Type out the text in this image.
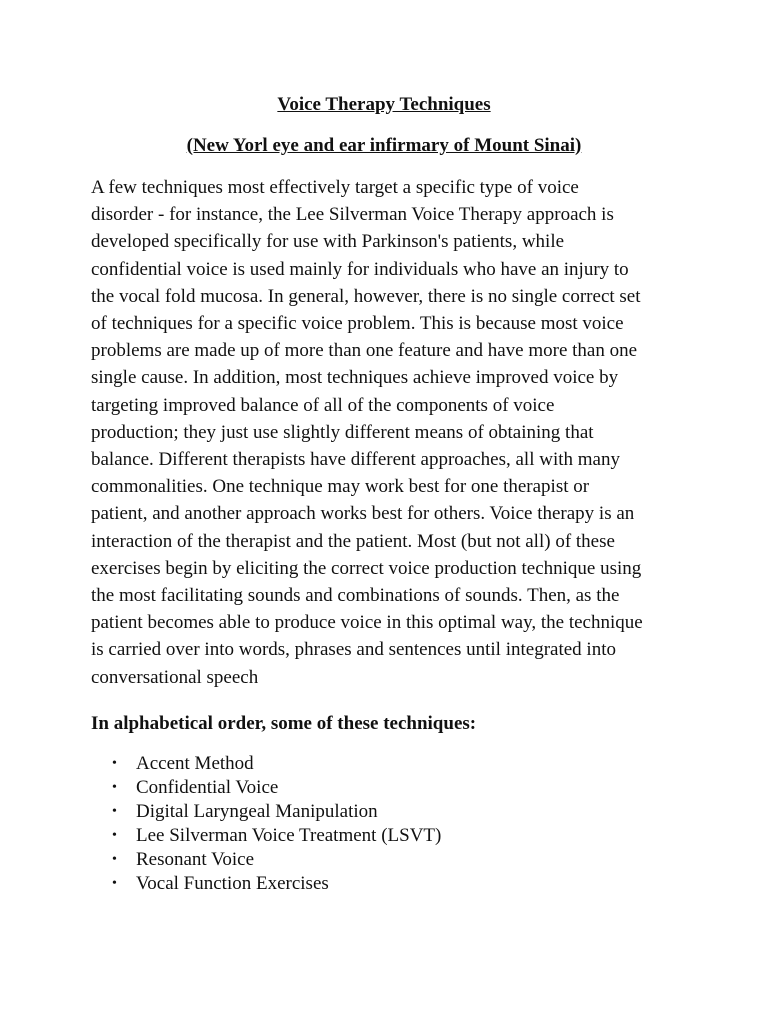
Voice Therapy Techniques
(New Yorl eye and ear infirmary of Mount Sinai)

A few techniques most effectively target a specific type of voice
disorder - for instance, the Lee Silverman Voice Therapy approach is
developed specifically for use with Parkinson's patients, while
confidential voice is used mainly for individuals who have an injury to
the vocal fold mucosa. In general, however, there is no single correct set
of techniques for a specific voice problem. This is because most voice
problems are made up of more than one feature and have more than one
single cause. In addition, most techniques achieve improved voice by
targeting improved balance of all of the components of voice
production; they just use slightly different means of obtaining that
balance. Different therapists have different approaches, all with many
commonalities. One technique may work best for one therapist or
patient, and another approach works best for others. Voice therapy is an
interaction of the therapist and the patient. Most (but not all) of these
exercises begin by eliciting the correct voice production technique using
the most facilitating sounds and combinations of sounds. Then, as the
patient becomes able to produce voice in this optimal way, the technique
is carried over into words, phrases and sentences until integrated into
conversational speech

In alphabetical order, some of these techniques:

• Accent Method
• Confidential Voice
• Digital Laryngeal Manipulation
• Lee Silverman Voice Treatment (LSVT)
• Resonant Voice
• Vocal Function Exercises
